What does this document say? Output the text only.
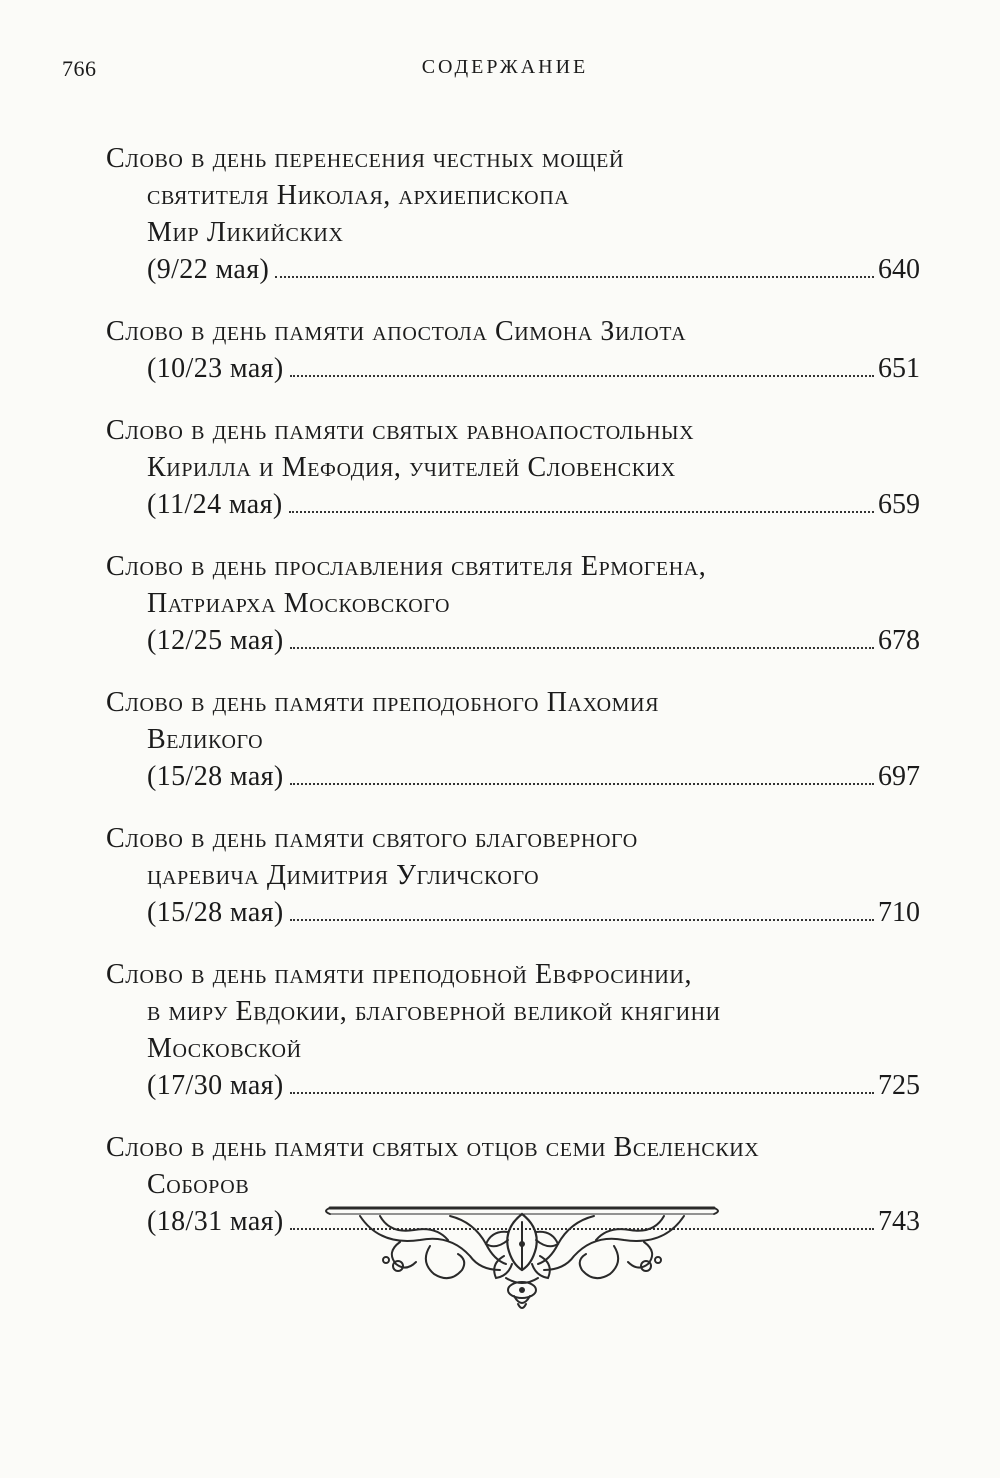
766	СОДЕРЖАНИЕ
Слово в день перенесения честных мощей
святителя Николая, архиепископа
Мир Ликийских
(9/22 мая)	640
Слово в день памяти апостола Симона Зилота
(10/23 мая)	651
Слово в день памяти святых равноапостольных
Кирилла и Мефодия, учителей Словенских
(11/24 мая)	659
Слово в день прославления святителя Ермогена,
Патриарха Московского
(12/25 мая)	678
Слово в день памяти преподобного Пахомия
Великого
(15/28 мая)	697
Слово в день памяти святого благоверного
царевича Димитрия Угличского
(15/28 мая)	710
Слово в день памяти преподобной Евфросинии,
в миру Евдокии, благоверной великой княгини
Московской
(17/30 мая)	725
Слово в день памяти святых отцов семи Вселенских
Соборов
(18/31 мая)	743
